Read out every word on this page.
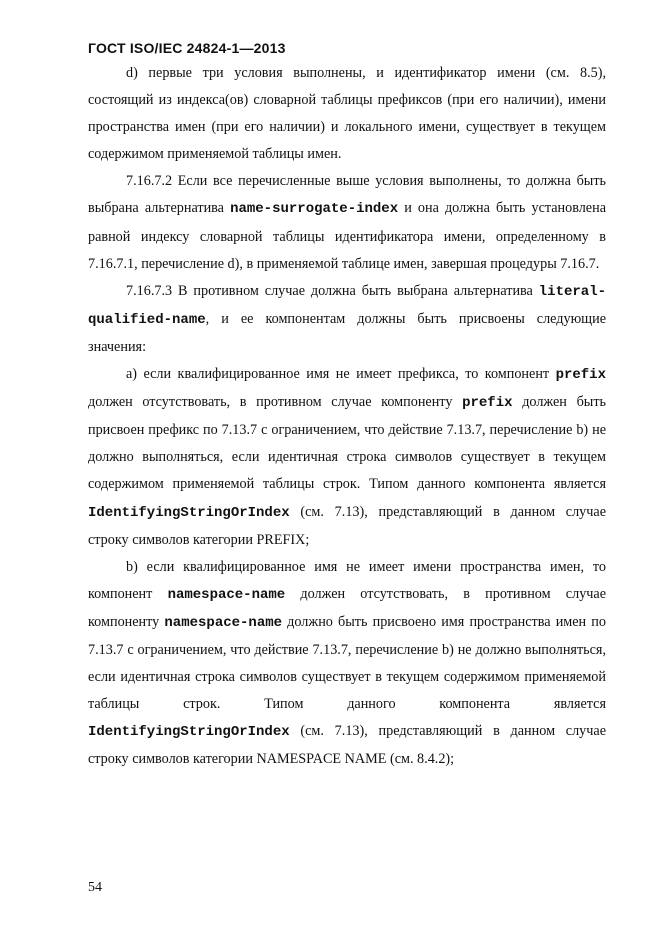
ГОСТ ISO/IEC 24824-1—2013

d) первые три условия выполнены, и идентификатор имени (см. 8.5), состоящий из индекса(ов) словарной таблицы префиксов (при его наличии), имени пространства имен (при его наличии) и локального имени, существует в текущем содержимом применяемой таблицы имен.

7.16.7.2 Если все перечисленные выше условия выполнены, то должна быть выбрана альтернатива name-surrogate-index и она должна быть установлена равной индексу словарной таблицы идентификатора имени, определенному в 7.16.7.1, перечисление d), в применяемой таблице имен, завершая процедуры 7.16.7.

7.16.7.3 В противном случае должна быть выбрана альтернатива literal-qualified-name, и ее компонентам должны быть присвоены следующие значения:

a) если квалифицированное имя не имеет префикса, то компонент prefix должен отсутствовать, в противном случае компоненту prefix должен быть присвоен префикс по 7.13.7 с ограничением, что действие 7.13.7, перечисление b) не должно выполняться, если идентичная строка символов существует в текущем содержимом применяемой таблицы строк. Типом данного компонента является IdentifyingStringOrIndex (см. 7.13), представляющий в данном случае строку символов категории PREFIX;

b) если квалифицированное имя не имеет имени пространства имен, то компонент namespace-name должен отсутствовать, в противном случае компоненту namespace-name должно быть присвоено имя пространства имен по 7.13.7 с ограничением, что действие 7.13.7, перечисление b) не должно выполняться, если идентичная строка символов существует в текущем содержимом применяемой таблицы строк. Типом данного компонента является IdentifyingStringOrIndex (см. 7.13), представляющий в данном случае строку символов категории NAMESPACE NAME (см. 8.4.2);

54
